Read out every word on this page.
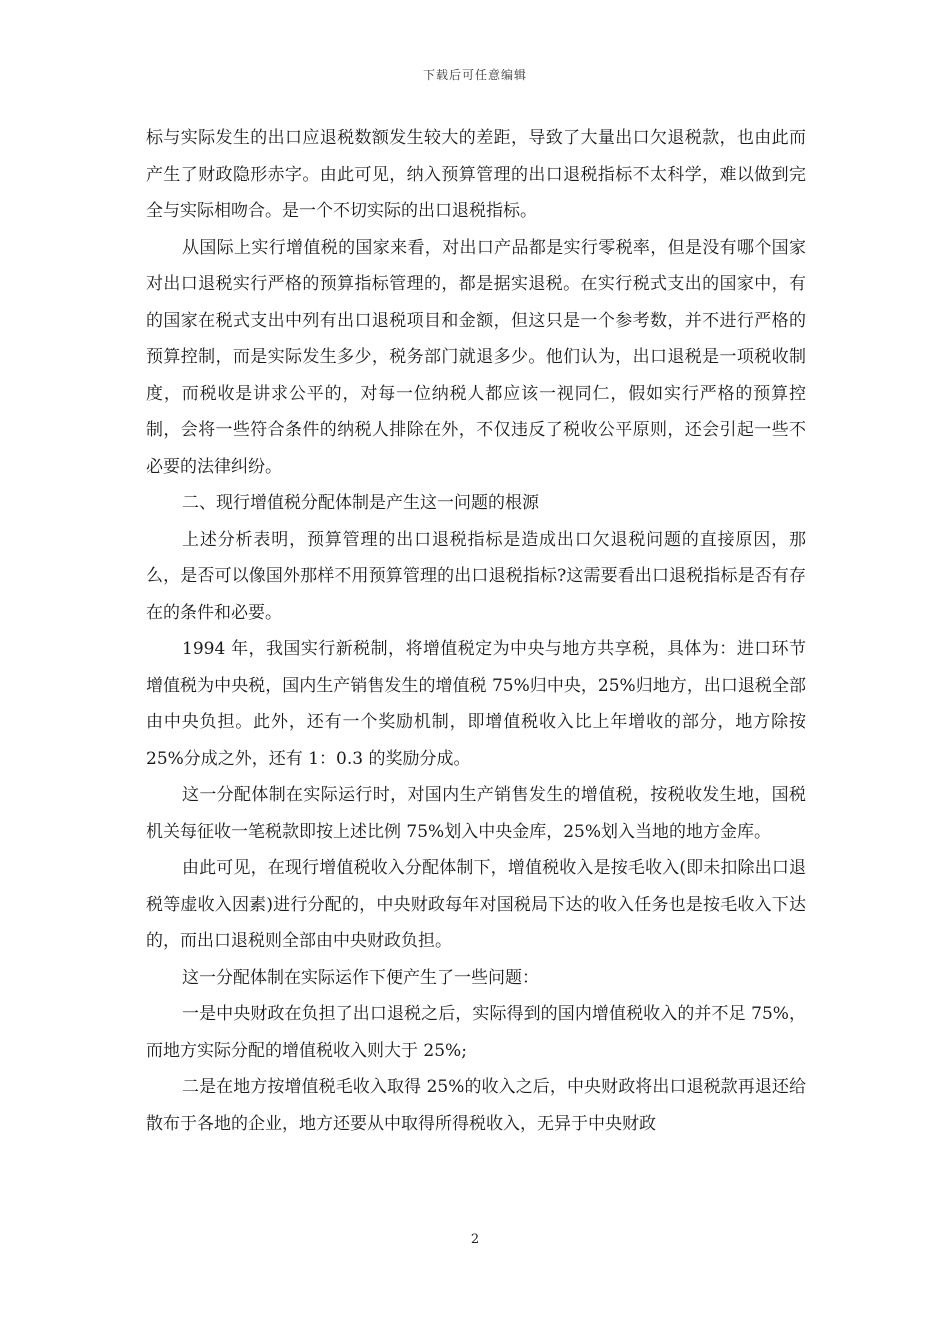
下载后可任意编辑

标与实际发生的出口应退税数额发生较大的差距，导致了大量出口欠退税款，也由此而产生了财政隐形赤字。由此可见，纳入预算管理的出口退税指标不太科学，难以做到完全与实际相吻合。是一个不切实际的出口退税指标。

从国际上实行增值税的国家来看，对出口产品都是实行零税率，但是没有哪个国家对出口退税实行严格的预算指标管理的，都是据实退税。在实行税式支出的国家中，有的国家在税式支出中列有出口退税项目和金额，但这只是一个参考数，并不进行严格的预算控制，而是实际发生多少，税务部门就退多少。他们认为，出口退税是一项税收制度，而税收是讲求公平的，对每一位纳税人都应该一视同仁，假如实行严格的预算控制，会将一些符合条件的纳税人排除在外，不仅违反了税收公平原则，还会引起一些不必要的法律纠纷。

二、现行增值税分配体制是产生这一问题的根源

上述分析表明，预算管理的出口退税指标是造成出口欠退税问题的直接原因，那么，是否可以像国外那样不用预算管理的出口退税指标?这需要看出口退税指标是否有存在的条件和必要。

1994 年，我国实行新税制，将增值税定为中央与地方共享税，具体为：进口环节增值税为中央税，国内生产销售发生的增值税 75%归中央，25%归地方，出口退税全部由中央负担。此外，还有一个奖励机制，即增值税收入比上年增收的部分，地方除按 25%分成之外，还有 1：0.3 的奖励分成。

这一分配体制在实际运行时，对国内生产销售发生的增值税，按税收发生地，国税机关每征收一笔税款即按上述比例 75%划入中央金库，25%划入当地的地方金库。

由此可见，在现行增值税收入分配体制下，增值税收入是按毛收入(即未扣除出口退税等虚收入因素)进行分配的，中央财政每年对国税局下达的收入任务也是按毛收入下达的，而出口退税则全部由中央财政负担。

这一分配体制在实际运作下便产生了一些问题：

一是中央财政在负担了出口退税之后，实际得到的国内增值税收入的并不足 75%，而地方实际分配的增值税收入则大于 25%;

二是在地方按增值税毛收入取得 25%的收入之后，中央财政将出口退税款再退还给散布于各地的企业，地方还要从中取得所得税收入，无异于中央财政

2
